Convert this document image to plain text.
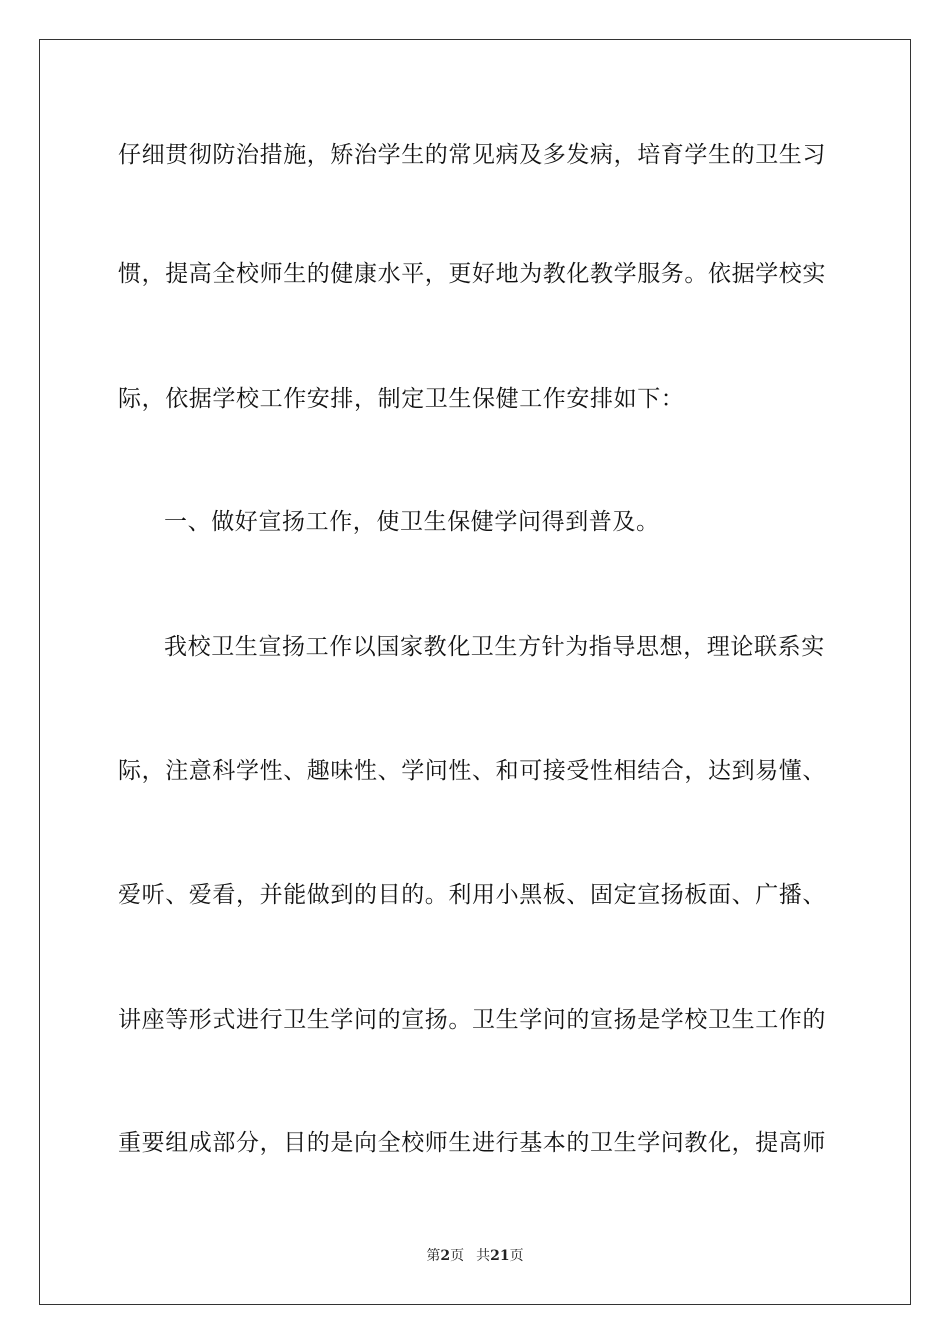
仔细贯彻防治措施，矫治学生的常见病及多发病，培育学生的卫生习
惯，提高全校师生的健康水平，更好地为教化教学服务。依据学校实
际，依据学校工作安排，制定卫生保健工作安排如下：
一、做好宣扬工作，使卫生保健学问得到普及。
我校卫生宣扬工作以国家教化卫生方针为指导思想，理论联系实
际，注意科学性、趣味性、学问性、和可接受性相结合，达到易懂、
爱听、爱看，并能做到的目的。利用小黑板、固定宣扬板面、广播、
讲座等形式进行卫生学问的宣扬。卫生学问的宣扬是学校卫生工作的
重要组成部分，目的是向全校师生进行基本的卫生学问教化，提高师
第2页 共21页
